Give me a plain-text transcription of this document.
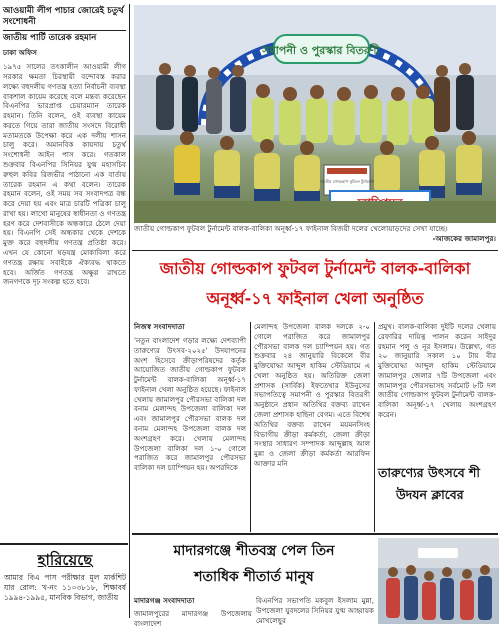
আওয়ামী লীগ পাচার জোরেই চতুর্থ সংশোধনী
জাতীয় পার্টি তারেক রহমান
ঢাকা অফিস
১৯৭৫ সালের তৎকালীন আওয়ামী লীগ সরকার ক্ষমতা চিরস্থায়ী বন্দোবস্ত করার লক্ষ্যে বহুদলীয় গণতন্ত্র হত্যা নির্বাচনী ব্যবস্থা বাকশাল কায়েম করেছে বলে মন্তব্য করেছেন বিএনপির ভারপ্রাপ্ত চেয়ারম্যান তারেক রহমান। তিনি বলেন, ওই ব্যবস্থা কায়েম করতে গিয়ে তারা জাতীয় সংসদে বিরোধী মতামতকে উপেক্ষা করে এক দলীয় শাসন চালু করে। অমানবিক কায়দায় চতুর্থ সংশোধনী আইন পাস করে। গতকাল শুক্রবার বিএনপির সিনিয়র যুগ্ম মহাসচিব রুহুল কবির রিজভীর পাঠানো এক বার্তায় তারেক রহমান এ কথা বলেন। তারেক রহমান বলেন, ওই সময় সব সংবাদপত্র বন্ধ করে দেয়া হয় এবং মাত্র চারটি পত্রিকা চালু রাখা হয়। লাখো মানুষের স্বাধীনতা ও গণতন্ত্র হরণ করে দেশবাসীকে অন্ধকারে ঠেলে দেয়া হয়। বিএনপি সেই অন্ধকার থেকে দেশকে মুক্ত করে বহুদলীয় গণতন্ত্র প্রতিষ্ঠা করে। এখন যে কোনো ষড়যন্ত্র মোকাবিলা করে গণতন্ত্র রক্ষায় সবাইকে ঐক্যবদ্ধ থাকতে হবে। অর্জিত গণতন্ত্র অক্ষুণ্ণ রাখতে জনগণকে দৃঢ় সংকল্প হতে হবে।
হারিয়েছে
আমার বিএ পাস পরীক্ষার মূল মার্কশিট যার রোল: খ-নং ১১০৩৮১৮, শিক্ষাবর্ষ ১৯৯৪-১৯৯৫, মানবিক বিভাগ, জাতীয়
সমাপনী ও পুরস্কার বিতরণী
জাতীয় গোল্ডকাপ ফুটবল টুর্নামেন্ট
জাতীয় গোল্ডকাপ ফুটবল টুর্নামেন্ট বালক-বালিকা অনূর্ধ্ব-১৭ ফাইনাল বিজয়ী দলের খেলোয়াড়দের সেখা যাচ্ছে।
-আজকের জামালপুর।
জাতীয় গোল্ডকাপ ফুটবল টুর্নামেন্ট বালক-বালিকা
অনূর্ধ্ব-১৭ ফাইনাল খেলা অনুষ্ঠিত
নিজস্ব সংবাদদাতা
'নতুন বাংলাদেশ গড়ার লক্ষ্যে দেশব্যাপী তারুণ্যের উৎসব-২০২৫' উদযাপনের অংশ হিসেবে ক্রীড়াপরিষদের কর্তৃক আয়োজিত জাতীয় গোল্ডকাপ ফুটবল টুর্নামেন্ট বালক-বালিকা অনূর্ধ্ব-১৭ ফাইনাল খেলা অনুষ্ঠিত হয়েছে। ফাইনাল খেলায় জামালপুর পৌরসভা বালিকা দল বনাম মেলান্দহ উপজেলা বালিকা দল এবং জামালপুর পৌরসভা বালক দল বনাম মেলান্দহ উপজেলা বালক দল অংশগ্রহণ করে। খেলায় মেলান্দহ উপজেলা বালিকা দল ১-০ গোলে পরাজিত করে জামালপুর পৌরসভা বালিকা দল চ্যাম্পিয়ন হয়। অপরদিকে
মেলান্দহ উপজেলা বালক দলকে ২-০ গোলে পরাজিত করে জামালপুর পৌরসভা বালক দল চ্যাম্পিয়ন হয়। গত শুক্রবার ২৪ জানুয়ারি বিকেলে বীর মুক্তিযোদ্ধা আব্দুল হাকিম স্টেডিয়ামে এ খেলা অনুষ্ঠিত হয়। অতিরিক্ত জেলা প্রশাসক (সার্বিক) ইফতেখার ইউনুসের সভাপতিত্বে সমাপনী ও পুরস্কার বিতরণী অনুষ্ঠানে প্রধান অতিথির বক্তব্য রাখেন জেলা প্রশাসক হাছিনা বেগম। এতে বিশেষ অতিথির বক্তব্য রাখেন ময়মনসিংহ বিভাগীয় ক্রীড়া কর্মকর্তা, জেলা ক্রীড়া সংস্থার সাধারণ সম্পাদক আব্দুল্লাহ আল মুন্না ও জেলা ক্রীড়া কর্মকর্তা আরফিন আক্তার মনি
প্রমুখ। বালক-বালিকা দুইটি দলের খেলায় রেফারির দায়িত্ব পালন করেন সাইদুর রহমান পলু ও নূর ইসলাম। উল্লেখ্য, গত ২০ জানুয়ারি সকাল ১০ টায় বীর মুক্তিযোদ্ধা আব্দুল হাকিম স্টেডিয়ামে জামালপুর জেলার ৭টি উপজেলা এবং জামালপুর পৌরসভাসহ সর্বমোট ৮টি দল জাতীয় গোল্ডকাপ ফুটবল টুর্নামেন্ট বালক-বালিকা অনূর্ধ্ব-১৭ খেলায় অংশগ্রহণ করেন।
তারুণ্যের উৎসবে শী
উদযন ক্লাবের
মাদারগঞ্জে শীতবস্ত্র পেল তিন
শতাধিক শীতার্ত মানুষ
মাদারগঞ্জ সংবাদদাতা
জামালপুরের মাদারগঞ্জ উপজেলায় বাংলাদেশ
বিএনপির সভাপতি মকবুল ইসলাম মুন্না, উপজেলা যুবদলের সিনিয়র যুগ্ম আহ্বায়ক মোখলেছুর
